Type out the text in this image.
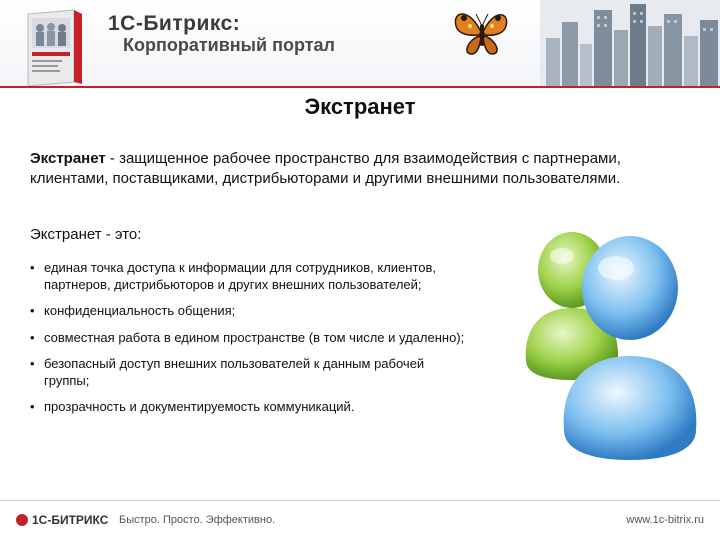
1С-Битрикс:
Корпоративный портал
Экстранет

Экстранет - защищенное рабочее пространство для взаимодействия с партнерами, клиентами, поставщиками, дистрибьюторами и другими внешними пользователями.

Экстранет - это:

• единая точка доступа к информации для сотрудников, клиентов, партнеров, дистрибьюторов и других внешних пользователей;
• конфиденциальность общения;
• совместная работа в едином пространстве (в том числе и удаленно);
• безопасный доступ внешних пользователей к данным рабочей группы;
• прозрачность и документируемость коммуникаций.
1С-БИТРИКС Быстро. Просто. Эффективно.	www.1c-bitrix.ru
